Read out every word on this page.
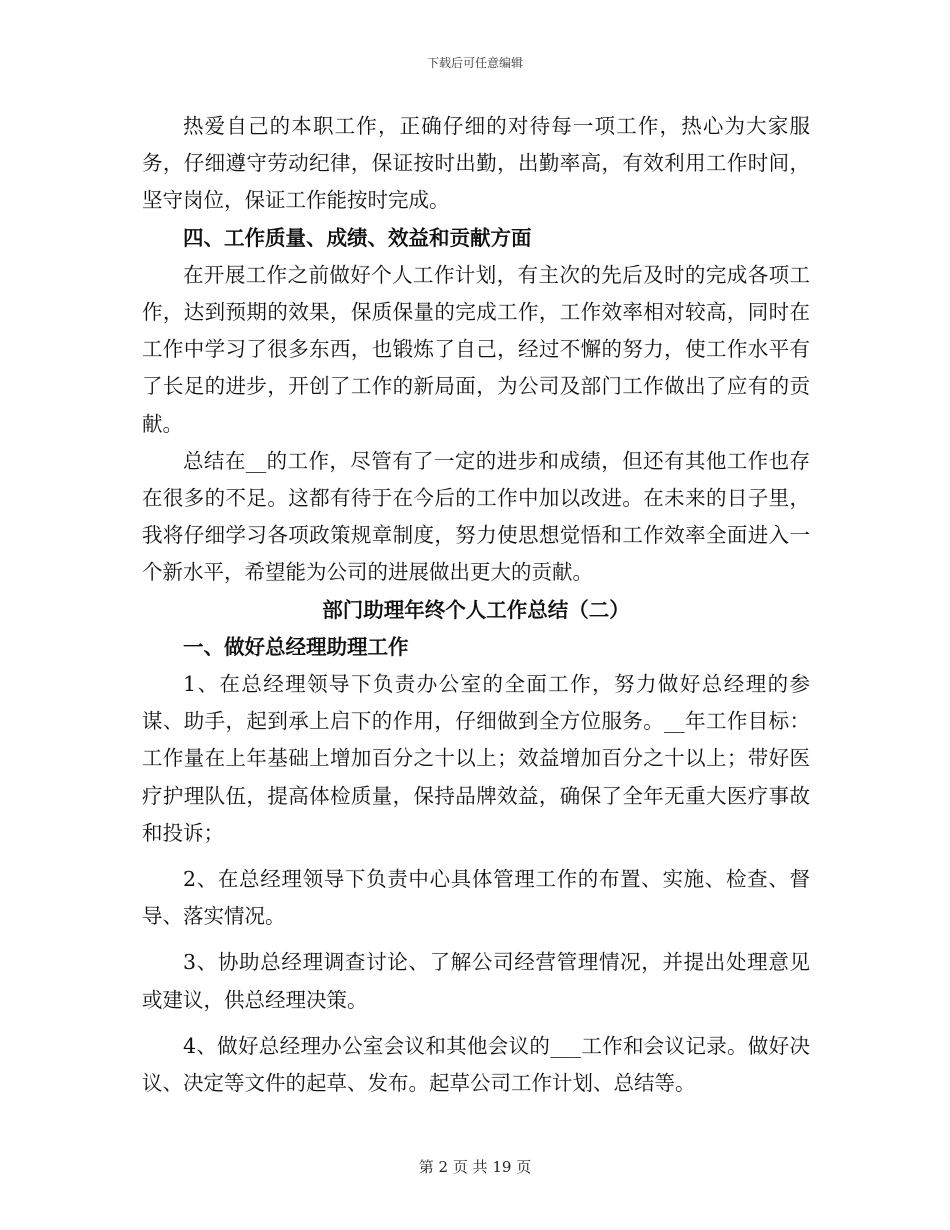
下载后可任意编辑

热爱自己的本职工作，正确仔细的对待每一项工作，热心为大家服务，仔细遵守劳动纪律，保证按时出勤，出勤率高，有效利用工作时间，坚守岗位，保证工作能按时完成。

四、工作质量、成绩、效益和贡献方面

在开展工作之前做好个人工作计划，有主次的先后及时的完成各项工作，达到预期的效果，保质保量的完成工作，工作效率相对较高，同时在工作中学习了很多东西，也锻炼了自己，经过不懈的努力，使工作水平有了长足的进步，开创了工作的新局面，为公司及部门工作做出了应有的贡献。

总结在__的工作，尽管有了一定的进步和成绩，但还有其他工作也存在很多的不足。这都有待于在今后的工作中加以改进。在未来的日子里，我将仔细学习各项政策规章制度，努力使思想觉悟和工作效率全面进入一个新水平，希望能为公司的进展做出更大的贡献。

部门助理年终个人工作总结（二）

一、做好总经理助理工作

1、在总经理领导下负责办公室的全面工作，努力做好总经理的参谋、助手，起到承上启下的作用，仔细做到全方位服务。__年工作目标：工作量在上年基础上增加百分之十以上；效益增加百分之十以上；带好医疗护理队伍，提高体检质量，保持品牌效益，确保了全年无重大医疗事故和投诉；

2、在总经理领导下负责中心具体管理工作的布置、实施、检查、督导、落实情况。

3、协助总经理调查讨论、了解公司经营管理情况，并提出处理意见或建议，供总经理决策。

4、做好总经理办公室会议和其他会议的___工作和会议记录。做好决议、决定等文件的起草、发布。起草公司工作计划、总结等。

第 2 页 共 19 页
